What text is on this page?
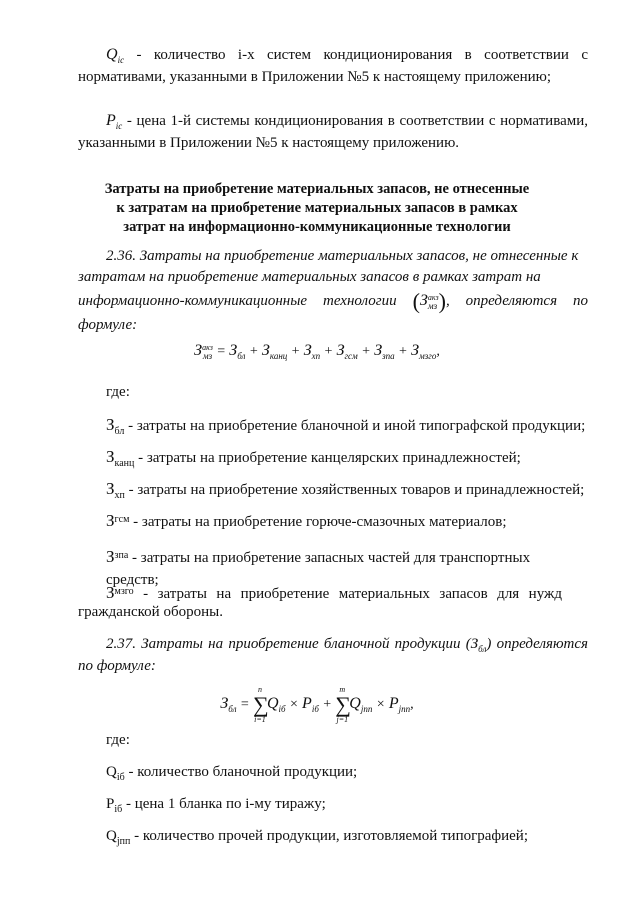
$Q_{ic}$ - количество i-х систем кондиционирования в соответствии с нормативами, указанными в Приложении №5 к настоящему приложению;
$P_{ic}$ - цена 1-й системы кондиционирования в соответствии с нормативами, указанными в Приложении №5 к настоящему приложению.
Затраты на приобретение материальных запасов, не отнесенные
к затратам на приобретение материальных запасов в рамках
затрат на информационно-коммуникационные технологии
2.36. Затраты на приобретение материальных запасов, не отнесенные к
затратам на приобретение материальных запасов в рамках затрат на
информационно-коммуникационные технологии (З акз
мз ), определяются по
формуле:
З акз
мз = $З_{бл} + З_{канц} + З_{хп} + З_{гсм} + З_{зпа} + З_{мзго}$,
где:
$З_{бл}$ - затраты на приобретение бланочной и иной типографской продукции;
$З_{канц}$ - затраты на приобретение канцелярских принадлежностей;
$З_{хп}$ - затраты на приобретение хозяйственных товаров и принадлежностей;
$З^{гсм}$ - затраты на приобретение горюче-смазочных материалов;
$З^{зпа}$ - затраты на приобретение запасных частей для транспортных средств;
$З^{мзго}$ - затраты на приобретение материальных запасов для нужд
гражданской обороны.
2.37. Затраты на приобретение бланочной продукции $(З_{бл})$ определяются
по формуле:
$З_{бл}$ =
n
∑
i=1
$Q_{iб} \times P_{iб}$ +
m
∑
j=1
$Q_{jпп} \times P_{jпп}$,
где:
$Q_{iб}$ - количество бланочной продукции;
$P_{iб}$ - цена 1 бланка по i-му тиражу;
$Q_{jпп}$ - количество прочей продукции, изготовляемой типографией;
